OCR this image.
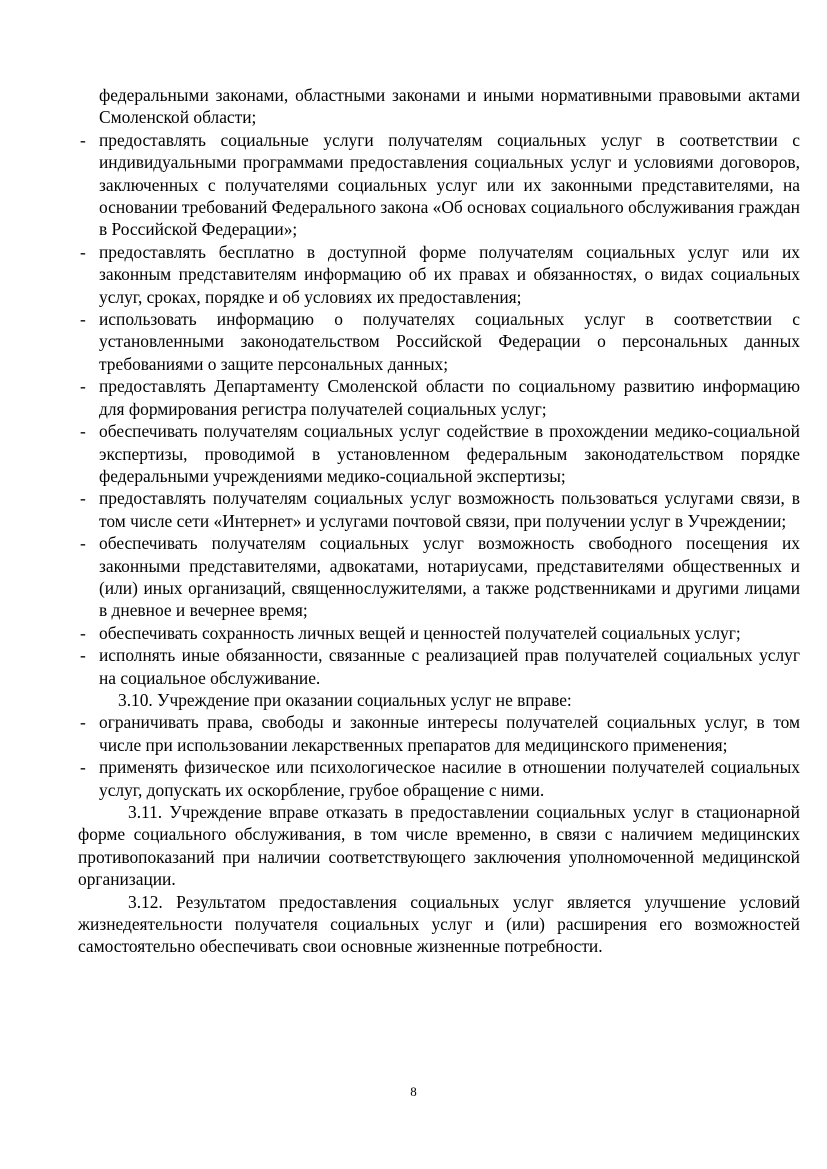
федеральными законами, областными законами и иными нормативными правовыми актами Смоленской области;
- предоставлять социальные услуги получателям социальных услуг в соответствии с индивидуальными программами предоставления социальных услуг и условиями договоров, заключенных с получателями социальных услуг или их законными представителями, на основании требований Федерального закона «Об основах социального обслуживания граждан в Российской Федерации»;
- предоставлять бесплатно в доступной форме получателям социальных услуг или их законным представителям информацию об их правах и обязанностях, о видах социальных услуг, сроках, порядке и об условиях их предоставления;
- использовать информацию о получателях социальных услуг в соответствии с установленными законодательством Российской Федерации о персональных данных требованиями о защите персональных данных;
- предоставлять Департаменту Смоленской области по социальному развитию информацию для формирования регистра получателей социальных услуг;
- обеспечивать получателям социальных услуг содействие в прохождении медико-социальной экспертизы, проводимой в установленном федеральным законодательством порядке федеральными учреждениями медико-социальной экспертизы;
- предоставлять получателям социальных услуг возможность пользоваться услугами связи, в том числе сети «Интернет» и услугами почтовой связи, при получении услуг в Учреждении;
- обеспечивать получателям социальных услуг возможность свободного посещения их законными представителями, адвокатами, нотариусами, представителями общественных и (или) иных организаций, священнослужителями, а также родственниками и другими лицами в дневное и вечернее время;
- обеспечивать сохранность личных вещей и ценностей получателей социальных услуг;
- исполнять иные обязанности, связанные с реализацией прав получателей социальных услуг на социальное обслуживание.
3.10. Учреждение при оказании социальных услуг не вправе:
- ограничивать права, свободы и законные интересы получателей социальных услуг, в том числе при использовании лекарственных препаратов для медицинского применения;
- применять физическое или психологическое насилие в отношении получателей социальных услуг, допускать их оскорбление, грубое обращение с ними.
3.11. Учреждение вправе отказать в предоставлении социальных услуг в стационарной форме социального обслуживания, в том числе временно, в связи с наличием медицинских противопоказаний при наличии соответствующего заключения уполномоченной медицинской организации.
3.12. Результатом предоставления социальных услуг является улучшение условий жизнедеятельности получателя социальных услуг и (или) расширения его возможностей самостоятельно обеспечивать свои основные жизненные потребности.
8
